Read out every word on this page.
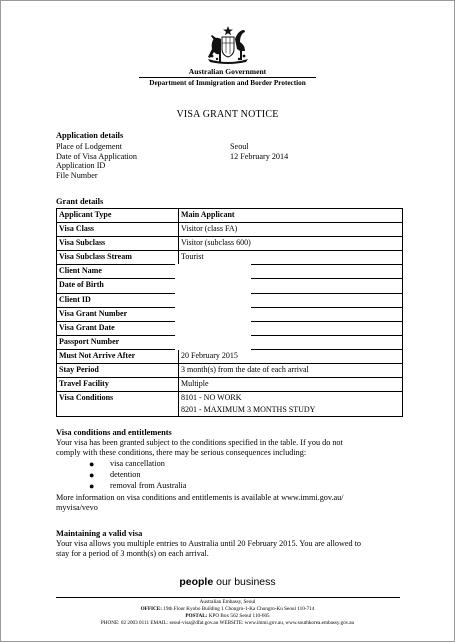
Australian Government
Department of Immigration and Border Protection
VISA GRANT NOTICE
Application details
Place of Lodgement	Seoul
Date of Visa Application	12 February 2014
Application ID
File Number
Grant details
Applicant Type	Main Applicant
Visa Class	Visitor (class FA)
Visa Subclass	Visitor (subclass 600)
Visa Subclass Stream	Tourist
Client Name	
Date of Birth	
Client ID	
Visa Grant Number	
Visa Grant Date	
Passport Number	
Must Not Arrive After	20 February 2015
Stay Period	3 month(s) from the date of each arrival
Travel Facility	Multiple
Visa Conditions	8101 - NO WORK
8201 - MAXIMUM 3 MONTHS STUDY
Visa conditions and entitlements
Your visa has been granted subject to the conditions specified in the table. If you do not
comply with these conditions, there may be serious consequences including:
● visa cancellation
● detention
● removal from Australia
More information on visa conditions and entitlements is available at www.immi.gov.au/
myvisa/vevo
Maintaining a valid visa
Your visa allows you multiple entries to Australia until 20 February 2015. You are allowed to
stay for a period of 3 month(s) on each arrival.
people our business
Australian Embassy, Seoul
OFFICE: 19th Floor Kyobo Building 1 Chongro-1-Ka Chongro-Ku Seoul 110-714
POSTAL: KPO Box 562 Seoul 110-605
PHONE: 02 2003 0111 EMAIL: seoul-visa@dfat.gov.au WEBSITE: www.immi.gov.au, www.southkorea.embassy.gov.au
